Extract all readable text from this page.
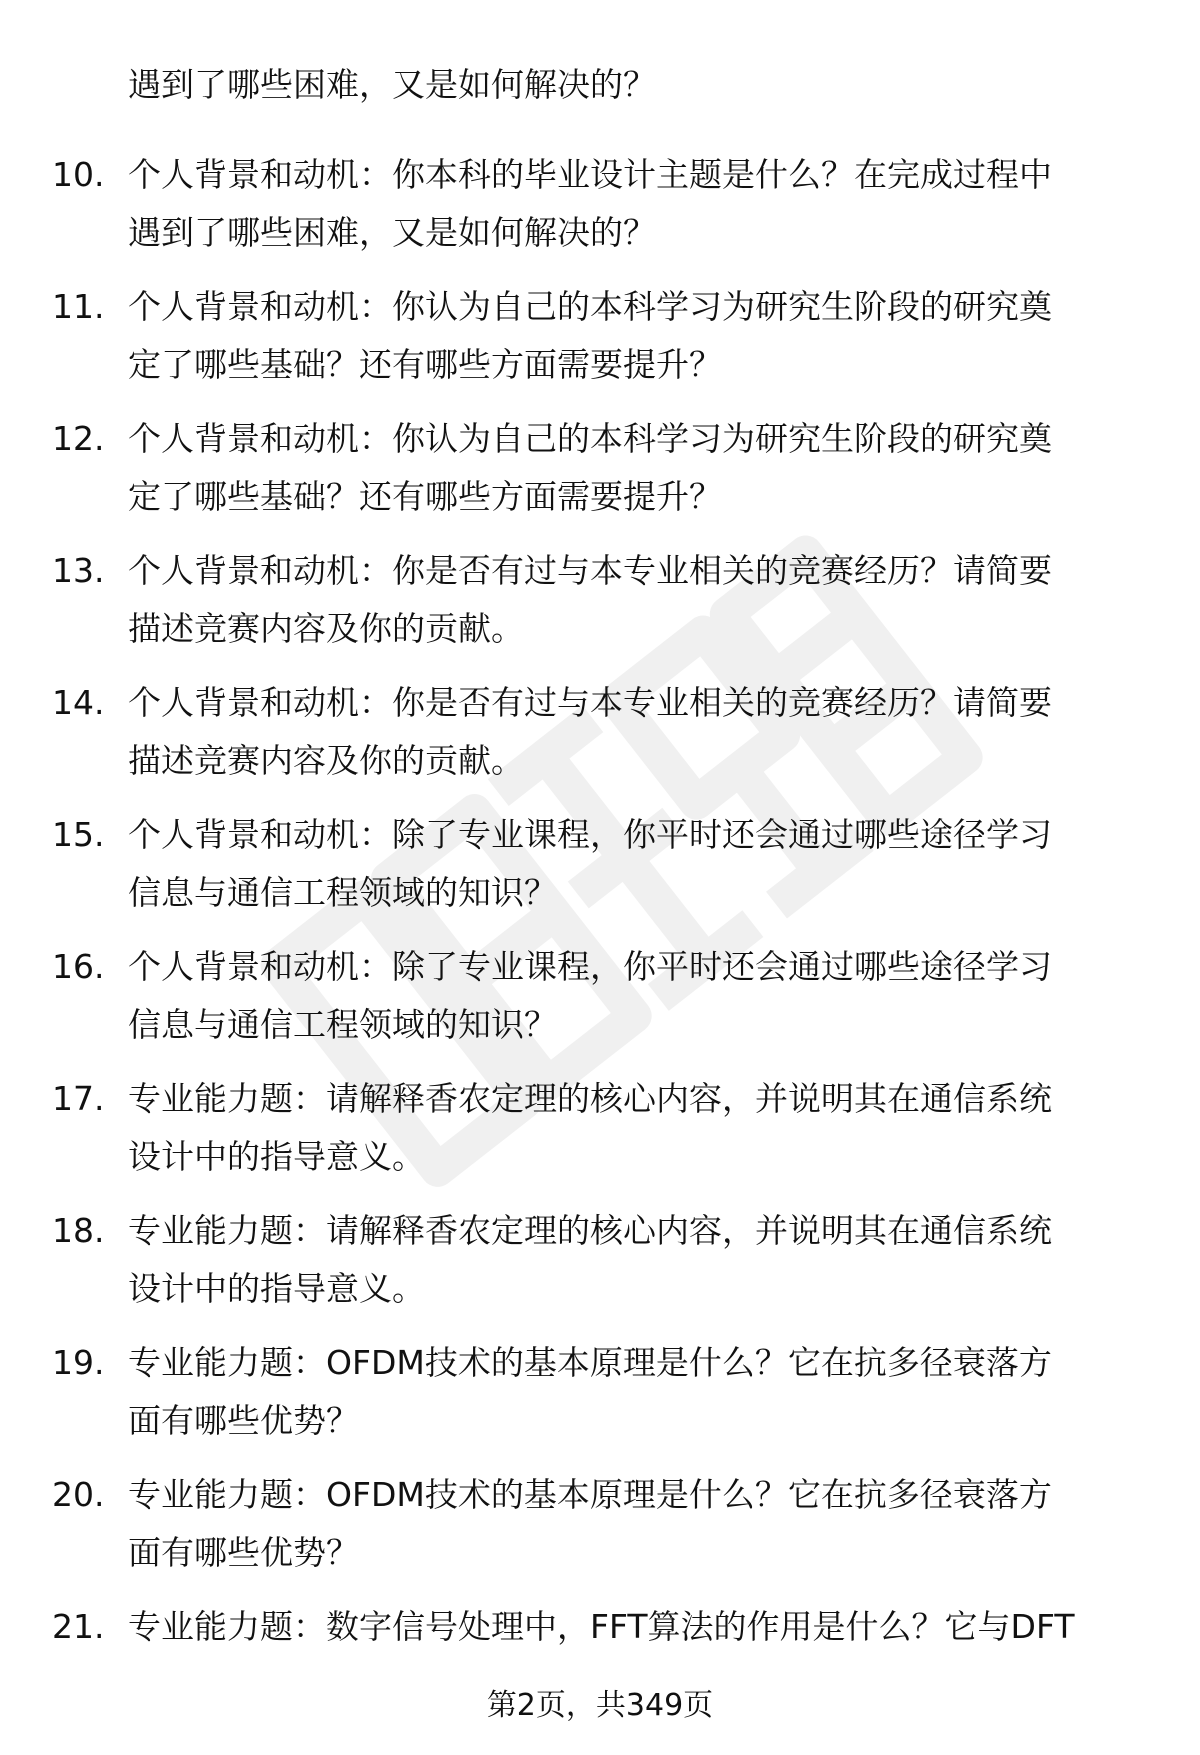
遇到了哪些困难，又是如何解决的？
10. 个人背景和动机：你本科的毕业设计主题是什么？在完成过程中
遇到了哪些困难，又是如何解决的？
11. 个人背景和动机：你认为自己的本科学习为研究生阶段的研究奠
定了哪些基础？还有哪些方面需要提升？
12. 个人背景和动机：你认为自己的本科学习为研究生阶段的研究奠
定了哪些基础？还有哪些方面需要提升？
13. 个人背景和动机：你是否有过与本专业相关的竞赛经历？请简要
描述竞赛内容及你的贡献。
14. 个人背景和动机：你是否有过与本专业相关的竞赛经历？请简要
描述竞赛内容及你的贡献。
15. 个人背景和动机：除了专业课程，你平时还会通过哪些途径学习
信息与通信工程领域的知识？
16. 个人背景和动机：除了专业课程，你平时还会通过哪些途径学习
信息与通信工程领域的知识？
17. 专业能力题：请解释香农定理的核心内容，并说明其在通信系统
设计中的指导意义。
18. 专业能力题：请解释香农定理的核心内容，并说明其在通信系统
设计中的指导意义。
19. 专业能力题：OFDM技术的基本原理是什么？它在抗多径衰落方
面有哪些优势？
20. 专业能力题：OFDM技术的基本原理是什么？它在抗多径衰落方
面有哪些优势？
21. 专业能力题：数字信号处理中，FFT算法的作用是什么？它与DFT
第2页，共349页
